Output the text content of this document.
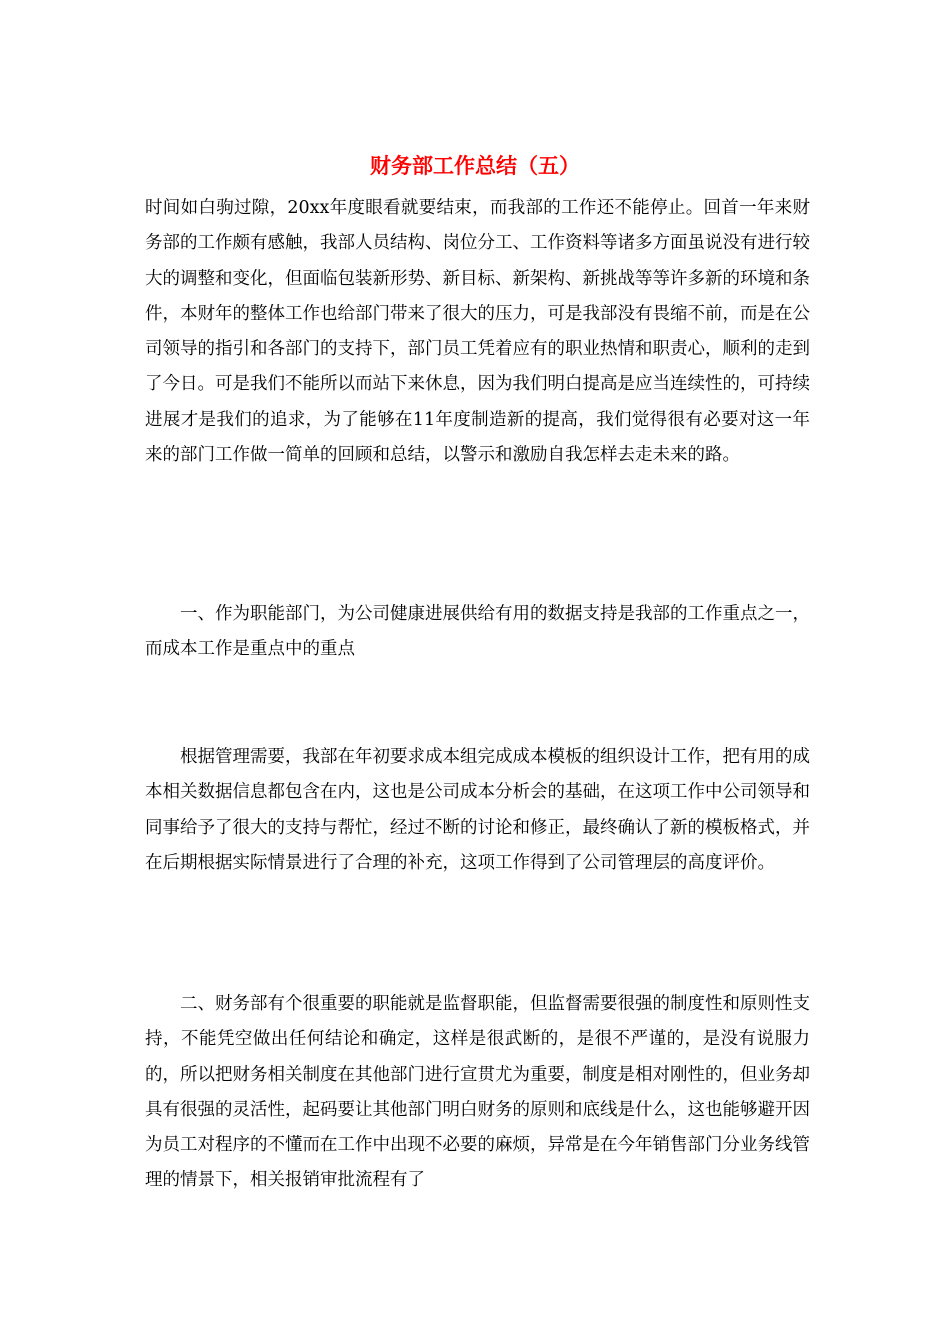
财务部工作总结（五）

时间如白驹过隙，20xx年度眼看就要结束，而我部的工作还不能停止。回首一年来财务部的工作颇有感触，我部人员结构、岗位分工、工作资料等诸多方面虽说没有进行较大的调整和变化，但面临包装新形势、新目标、新架构、新挑战等等许多新的环境和条件，本财年的整体工作也给部门带来了很大的压力，可是我部没有畏缩不前，而是在公司领导的指引和各部门的支持下，部门员工凭着应有的职业热情和职责心，顺利的走到了今日。可是我们不能所以而站下来休息，因为我们明白提高是应当连续性的，可持续进展才是我们的追求，为了能够在11年度制造新的提高，我们觉得很有必要对这一年来的部门工作做一简单的回顾和总结，以警示和激励自我怎样去走未来的路。

一、作为职能部门，为公司健康进展供给有用的数据支持是我部的工作重点之一，而成本工作是重点中的重点

根据管理需要，我部在年初要求成本组完成成本模板的组织设计工作，把有用的成本相关数据信息都包含在内，这也是公司成本分析会的基础，在这项工作中公司领导和同事给予了很大的支持与帮忙，经过不断的讨论和修正，最终确认了新的模板格式，并在后期根据实际情景进行了合理的补充，这项工作得到了公司管理层的高度评价。

二、财务部有个很重要的职能就是监督职能，但监督需要很强的制度性和原则性支持，不能凭空做出任何结论和确定，这样是很武断的，是很不严谨的，是没有说服力的，所以把财务相关制度在其他部门进行宣贯尤为重要，制度是相对刚性的，但业务却具有很强的灵活性，起码要让其他部门明白财务的原则和底线是什么，这也能够避开因为员工对程序的不懂而在工作中出现不必要的麻烦，异常是在今年销售部门分业务线管理的情景下，相关报销审批流程有了
